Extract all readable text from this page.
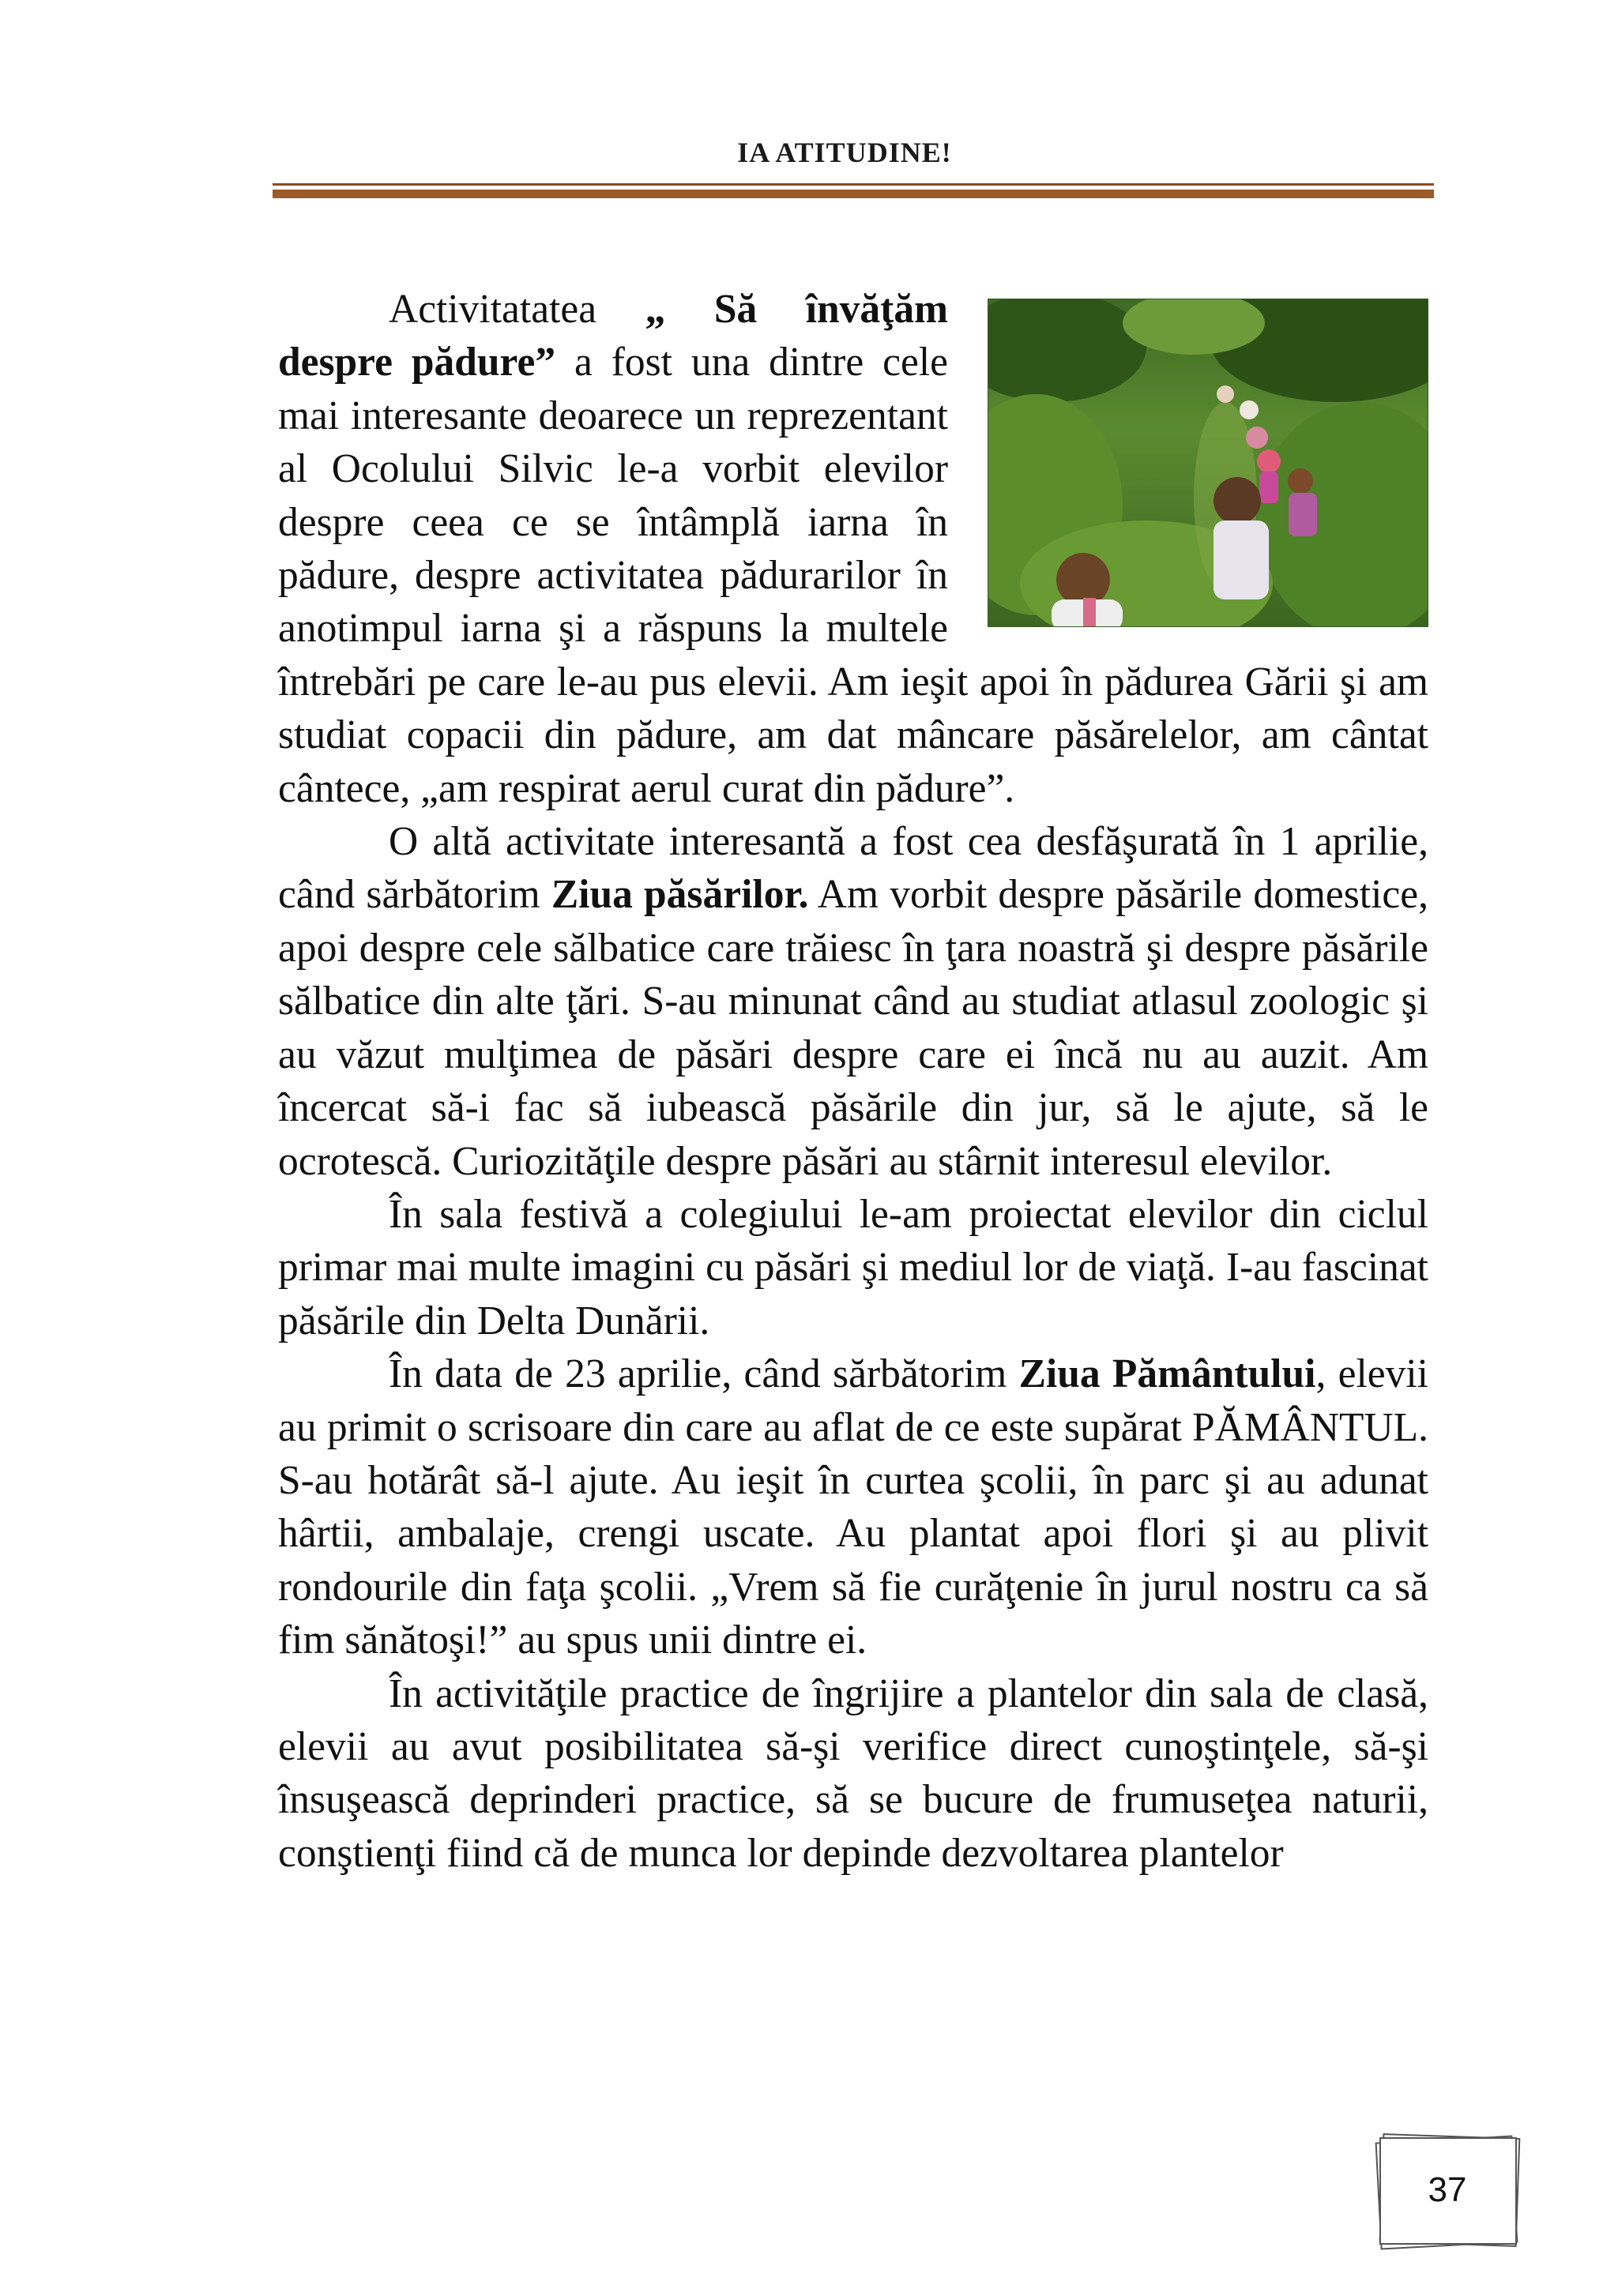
IA ATITUDINE!

Activitatatea „ Să învăţăm despre pădure” a fost una dintre cele mai interesante deoarece un reprezentant al Ocolului Silvic le-a vorbit elevilor despre ceea ce se întâmplă iarna în pădure, despre activitatea pădurarilor în anotimpul iarna şi a răspuns la multele întrebări pe care le-au pus elevii. Am ieşit apoi în pădurea Gării şi am studiat copacii din pădure, am dat mâncare păsărelelor, am cântat cântece, „am respirat aerul curat din pădure”.

O altă activitate interesantă a fost cea desfăşurată în 1 aprilie, când sărbătorim Ziua păsărilor. Am vorbit despre păsările domestice, apoi despre cele sălbatice care trăiesc în ţara noastră şi despre păsările sălbatice din alte ţări. S-au minunat când au studiat atlasul zoologic şi au văzut mulţimea de păsări despre care ei încă nu au auzit. Am încercat să-i fac să iubească păsările din jur, să le ajute, să le ocrotescă. Curiozităţile despre păsări au stârnit interesul elevilor.

În sala festivă a colegiului le-am proiectat elevilor din ciclul primar mai multe imagini cu păsări şi mediul lor de viaţă. I-au fascinat păsările din Delta Dunării.

În data de 23 aprilie, când sărbătorim Ziua Pământului, elevii au primit o scrisoare din care au aflat de ce este supărat PĂMÂNTUL. S-au hotărât să-l ajute. Au ieşit în curtea şcolii, în parc şi au adunat hârtii, ambalaje, crengi uscate. Au plantat apoi flori şi au plivit rondourile din faţa şcolii. „Vrem să fie curăţenie în jurul nostru ca să fim sănătoşi!” au spus unii dintre ei.

În activităţile practice de îngrijire a plantelor din sala de clasă, elevii au avut posibilitatea să-şi verifice direct cunoştinţele, să-şi însuşească deprinderi practice, să se bucure de frumuseţea naturii, conştienţi fiind că de munca lor depinde dezvoltarea plantelor

37
